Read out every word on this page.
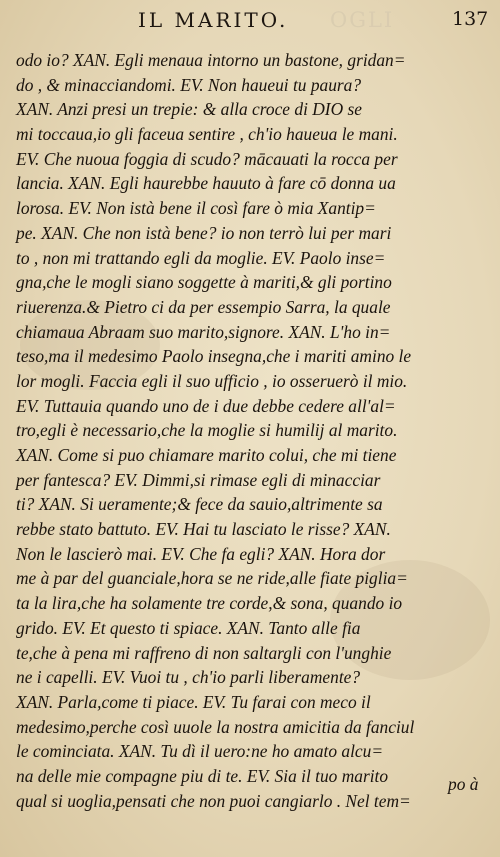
OGLI
IL MARITO.	137
odo io? XAN. Egli menaua intorno un bastone, gridan=
do , & minacciandomi. EV. Non haueui tu paura?
XAN. Anzi presi un trepie: & alla croce di DIO se
mi toccaua,io gli faceua sentire , ch'io haueua le mani.
EV. Che nuoua foggia di scudo? mācauati la rocca per
lancia. XAN. Egli haurebbe hauuto à fare cō donna ua
lorosa. EV. Non istà bene il così fare ò mia Xantip=
pe. XAN. Che non istà bene? io non terrò lui per mari
to , non mi trattando egli da moglie. EV. Paolo inse=
gna,che le mogli siano soggette à mariti,& gli portino
riuerenza.& Pietro ci da per essempio Sarra, la quale
chiamaua Abraam suo marito,signore. XAN. L'ho in=
teso,ma il medesimo Paolo insegna,che i mariti amino le
lor mogli. Faccia egli il suo ufficio , io osseruerò il mio.
EV. Tuttauia quando uno de i due debbe cedere all'al=
tro,egli è necessario,che la moglie si humilij al marito.
XAN. Come si puo chiamare marito colui, che mi tiene
per fantesca? EV. Dimmi,si rimase egli di minacciar
ti? XAN. Si ueramente;& fece da sauio,altrimente sa
rebbe stato battuto. EV. Hai tu lasciato le risse? XAN.
Non le lascierò mai. EV. Che fa egli? XAN. Hora dor
me à par del guanciale,hora se ne ride,alle fiate piglia=
ta la lira,che ha solamente tre corde,& sona, quando io
grido. EV. Et questo ti spiace. XAN. Tanto alle fia
te,che à pena mi raffreno di non saltargli con l'unghie
ne i capelli. EV. Vuoi tu , ch'io parli liberamente?
XAN. Parla,come ti piace. EV. Tu farai con meco il
medesimo,perche così uuole la nostra amicitia da fanciul
le cominciata. XAN. Tu dì il uero:ne ho amato alcu=
na delle mie compagne piu di te. EV. Sia il tuo marito
qual si uoglia,pensati che non puoi cangiarlo . Nel tem=
po à
